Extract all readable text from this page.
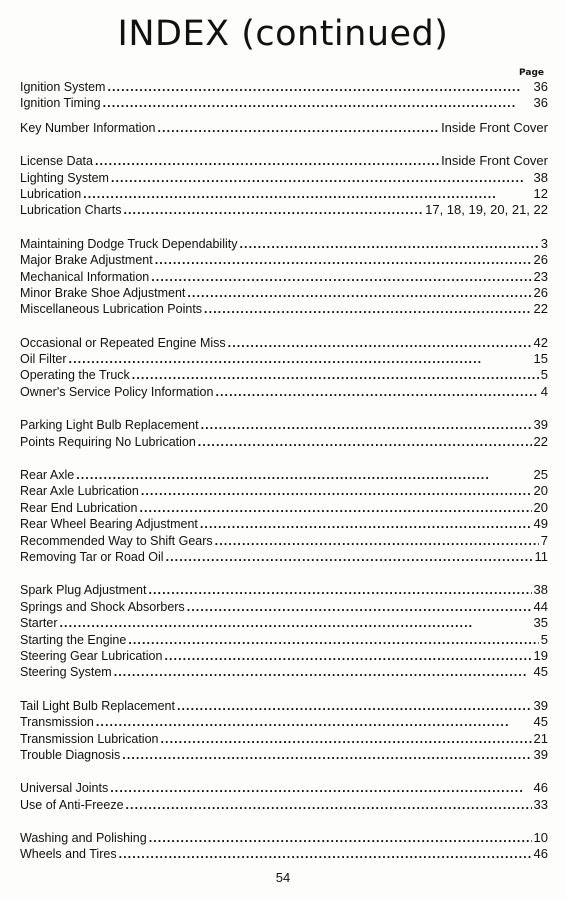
INDEX (continued)
Page
Ignition System . . .	36
Ignition Timing . . .	36
Key Number Information . . .	Inside Front Cover
License Data . . .	Inside Front Cover
Lighting System . . .	38
Lubrication . . .	12
Lubrication Charts . . .	17, 18, 19, 20, 21, 22
Maintaining Dodge Truck Dependability . . .	3
Major Brake Adjustment . . .	26
Mechanical Information . . .	23
Minor Brake Shoe Adjustment . . .	26
Miscellaneous Lubrication Points . . .	22
Occasional or Repeated Engine Miss . . .	42
Oil Filter . . .	15
Operating the Truck . . .	5
Owner's Service Policy Information . . .	4
Parking Light Bulb Replacement . . .	39
Points Requiring No Lubrication . . .	22
Rear Axle . . .	25
Rear Axle Lubrication . . .	20
Rear End Lubrication . . .	20
Rear Wheel Bearing Adjustment . . .	49
Recommended Way to Shift Gears . . .	7
Removing Tar or Road Oil . . .	11
Spark Plug Adjustment . . .	38
Springs and Shock Absorbers . . .	44
Starter . . .	35
Starting the Engine . . .	5
Steering Gear Lubrication . . .	19
Steering System . . .	45
Tail Light Bulb Replacement . . .	39
Transmission . . .	45
Transmission Lubrication . . .	21
Trouble Diagnosis . . .	39
Universal Joints . . .	46
Use of Anti-Freeze . . .	33
Washing and Polishing . . .	10
Wheels and Tires . . .	46
54
